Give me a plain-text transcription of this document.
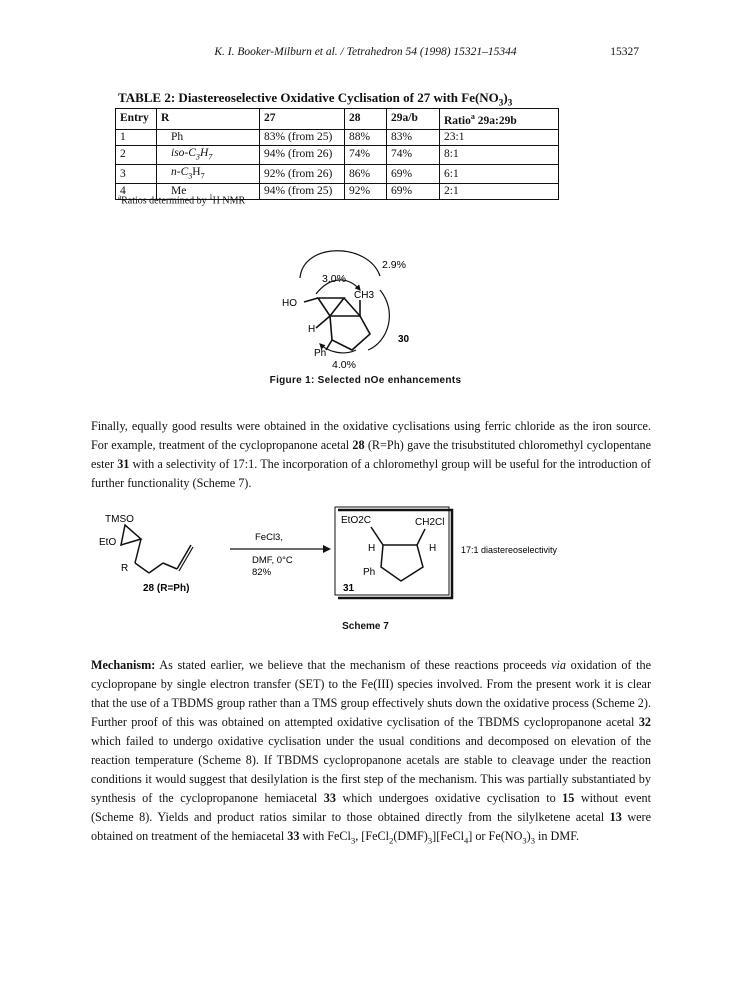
K. I. Booker-Milburn et al. / Tetrahedron 54 (1998) 15321–15344	15327
TABLE 2: Diastereoselective Oxidative Cyclisation of 27 with $Fe(NO_3)_3$
Entry	R	27	28	29a/b	Ratio$^a$ 29a:29b
1	Ph	83% (from 25)	88%	83%	23:1
2	iso-$C_3H_7$	94% (from 26)	74%	74%	8:1
3	$n-C_3H_7$	92% (from 26)	86%	69%	6:1
4	Me	94% (from 25)	92%	69%	2:1
$^a$Ratios determined by $^1$H NMR
2.9%
3.0%
4.0%
HO
CH3
H
Ph
30
Figure 1: Selected nOe enhancements
Finally, equally good results were obtained in the oxidative cyclisations using ferric chloride as the iron source. For example, treatment of the cyclopropanone acetal 28 (R=Ph) gave the trisubstituted chloromethyl cyclopentane ester 31 with a selectivity of 17:1. The incorporation of a chloromethyl group will be useful for the introduction of further functionality (Scheme 7).
TMSO
EtO
R
28 (R=Ph)
FeCl3,
DMF, 0°C
82%
EtO2C	CH2Cl
H	H
Ph
31
17:1 diastereoselectivity
Scheme 7
Mechanism: As stated earlier, we believe that the mechanism of these reactions proceeds via oxidation of the cyclopropane by single electron transfer (SET) to the Fe(III) species involved. From the present work it is clear that the use of a TBDMS group rather than a TMS group effectively shuts down the oxidative process (Scheme 2). Further proof of this was obtained on attempted oxidative cyclisation of the TBDMS cyclopropanone acetal 32 which failed to undergo oxidative cyclisation under the usual conditions and decomposed on elevation of the reaction temperature (Scheme 8). If TBDMS cyclopropanone acetals are stable to cleavage under the reaction conditions it would suggest that desilylation is the first step of the mechanism. This was partially substantiated by synthesis of the cyclopropanone hemiacetal 33 which undergoes oxidative cyclisation to 15 without event (Scheme 8). Yields and product ratios similar to those obtained directly from the silylketene acetal 13 were obtained on treatment of the hemiacetal 33 with FeCl$_3$, $[FeCl_2(DMF)_3][FeCl_4]$ or $Fe(NO_3)_3$ in DMF.
